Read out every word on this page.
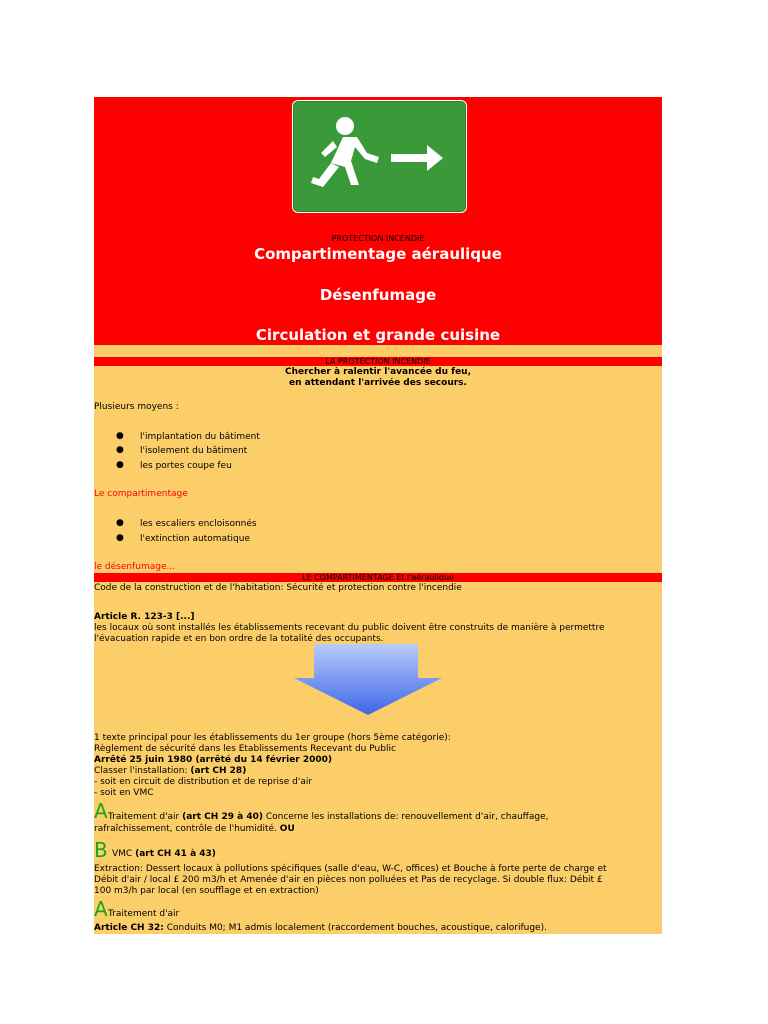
PROTECTION INCENDIE
Compartimentage aéraulique
Désenfumage
Circulation et grande cuisine
LA PROTECTION INCENDIE
Chercher à ralentir l'avancée du feu,
en attendant l'arrivée des secours.
Plusieurs moyens :
● l'implantation du bâtiment
● l'isolement du bâtiment
● les portes coupe feu
Le compartimentage
● les escaliers encloisonnés
● l'extinction automatique
le désenfumage...
LE COMPARTIMENTAGE Et l'aéraulique
Code de la construction et de l'habitation: Sécurité et protection contre l'incendie
Article R. 123-3 [...]
les locaux où sont installés les établissements recevant du public doivent être construits de manière à permettre
l'évacuation rapide et en bon ordre de la totalité des occupants.
1 texte principal pour les établissements du 1er groupe (hors 5ème catégorie):
Règlement de sécurité dans les Etablissements Recevant du Public
Arrêté 25 juin 1980 (arrêté du 14 février 2000)
Classer l'installation: (art CH 28)
- soit en circuit de distribution et de reprise d'air
- soit en VMC
A Traitement d'air (art CH 29 à 40) Concerne les installations de: renouvellement d'air, chauffage,
rafraîchissement, contrôle de l'humidité. OU
B VMC (art CH 41 à 43)
Extraction: Dessert locaux à pollutions spécifiques (salle d'eau, W-C, offices) et Bouche à forte perte de charge et
Débit d'air / local £ 200 m3/h et Amenée d'air en pièces non polluées et Pas de recyclage. Si double flux: Débit £
100 m3/h par local (en soufflage et en extraction)
A Traitement d'air
Article CH 32: Conduits M0; M1 admis localement (raccordement bouches, acoustique, calorifuge).
